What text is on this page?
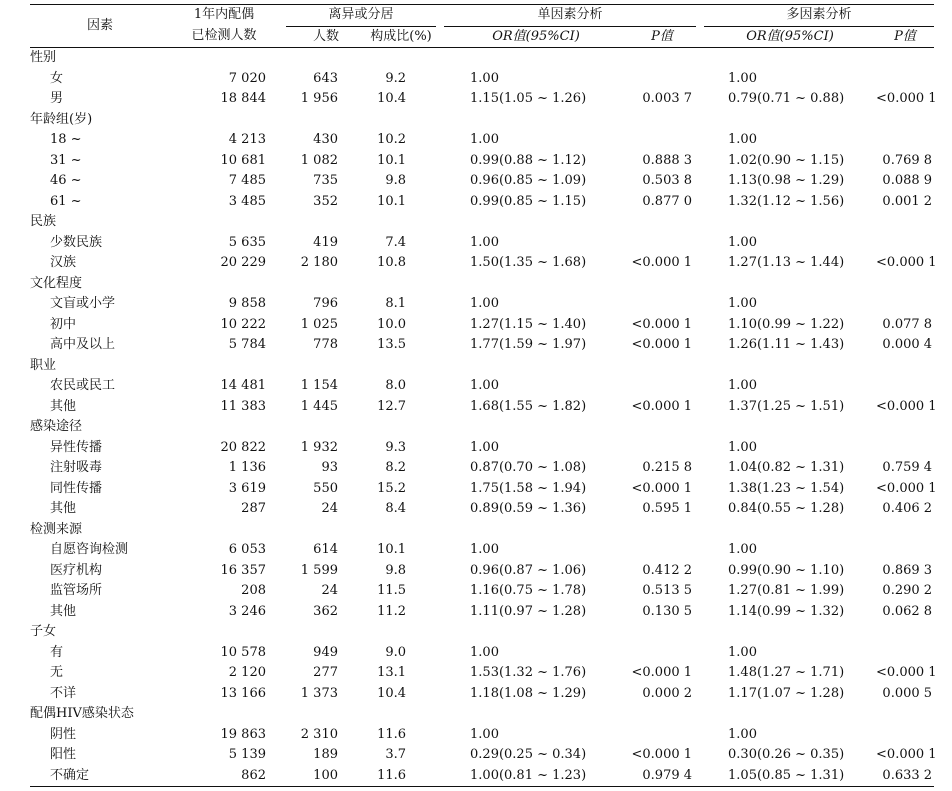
因素	1年内配偶		离异或分居			单因素分析			多因素分析	
	已检测人数		人数	构成比(%)		OR值(95%CI)	P值		OR值(95%CI)	P值
性别										
女	7 020		643	9.2		1.00			1.00	
男	18 844		1 956	10.4		1.15(1.05 ~ 1.26)	0.003 7		0.79(0.71 ~ 0.88)	<0.000 1
年龄组(岁)										
18 ~	4 213		430	10.2		1.00			1.00	
31 ~	10 681		1 082	10.1		0.99(0.88 ~ 1.12)	0.888 3		1.02(0.90 ~ 1.15)	0.769 8
46 ~	7 485		735	9.8		0.96(0.85 ~ 1.09)	0.503 8		1.13(0.98 ~ 1.29)	0.088 9
61 ~	3 485		352	10.1		0.99(0.85 ~ 1.15)	0.877 0		1.32(1.12 ~ 1.56)	0.001 2
民族										
少数民族	5 635		419	7.4		1.00			1.00	
汉族	20 229		2 180	10.8		1.50(1.35 ~ 1.68)	<0.000 1		1.27(1.13 ~ 1.44)	<0.000 1
文化程度										
文盲或小学	9 858		796	8.1		1.00			1.00	
初中	10 222		1 025	10.0		1.27(1.15 ~ 1.40)	<0.000 1		1.10(0.99 ~ 1.22)	0.077 8
高中及以上	5 784		778	13.5		1.77(1.59 ~ 1.97)	<0.000 1		1.26(1.11 ~ 1.43)	0.000 4
职业										
农民或民工	14 481		1 154	8.0		1.00			1.00	
其他	11 383		1 445	12.7		1.68(1.55 ~ 1.82)	<0.000 1		1.37(1.25 ~ 1.51)	<0.000 1
感染途径										
异性传播	20 822		1 932	9.3		1.00			1.00	
注射吸毒	1 136		93	8.2		0.87(0.70 ~ 1.08)	0.215 8		1.04(0.82 ~ 1.31)	0.759 4
同性传播	3 619		550	15.2		1.75(1.58 ~ 1.94)	<0.000 1		1.38(1.23 ~ 1.54)	<0.000 1
其他	287		24	8.4		0.89(0.59 ~ 1.36)	0.595 1		0.84(0.55 ~ 1.28)	0.406 2
检测来源										
自愿咨询检测	6 053		614	10.1		1.00			1.00	
医疗机构	16 357		1 599	9.8		0.96(0.87 ~ 1.06)	0.412 2		0.99(0.90 ~ 1.10)	0.869 3
监管场所	208		24	11.5		1.16(0.75 ~ 1.78)	0.513 5		1.27(0.81 ~ 1.99)	0.290 2
其他	3 246		362	11.2		1.11(0.97 ~ 1.28)	0.130 5		1.14(0.99 ~ 1.32)	0.062 8
子女										
有	10 578		949	9.0		1.00			1.00	
无	2 120		277	13.1		1.53(1.32 ~ 1.76)	<0.000 1		1.48(1.27 ~ 1.71)	<0.000 1
不详	13 166		1 373	10.4		1.18(1.08 ~ 1.29)	0.000 2		1.17(1.07 ~ 1.28)	0.000 5
配偶HIV感染状态										
阴性	19 863		2 310	11.6		1.00			1.00	
阳性	5 139		189	3.7		0.29(0.25 ~ 0.34)	<0.000 1		0.30(0.26 ~ 0.35)	<0.000 1
不确定	862		100	11.6		1.00(0.81 ~ 1.23)	0.979 4		1.05(0.85 ~ 1.31)	0.633 2
